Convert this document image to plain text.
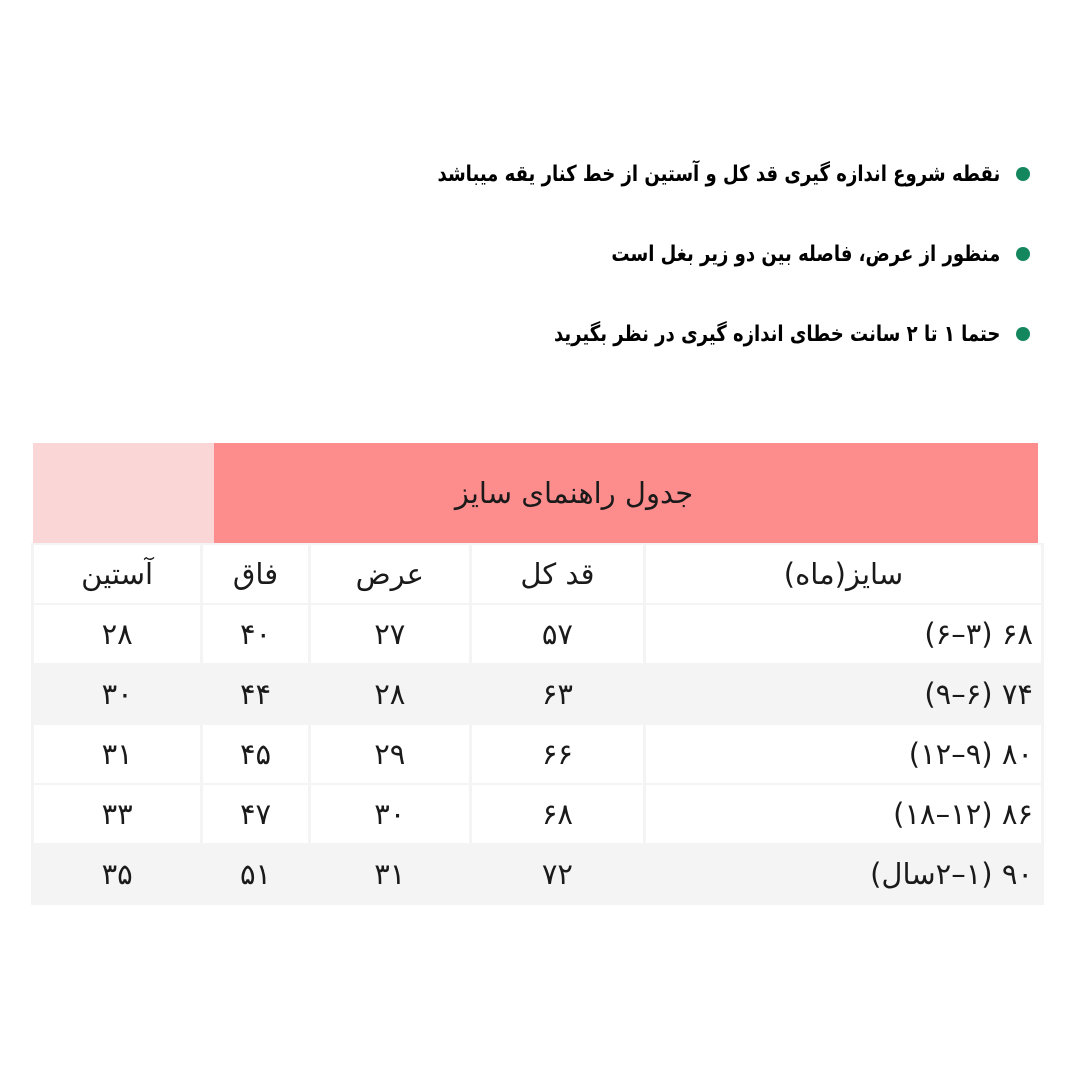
نقطه شروع اندازه گیری قد کل و آستین از خط کنار یقه میباشد
منظور از عرض، فاصله بین دو زیر بغل است
حتما ۱ تا ۲ سانت خطای اندازه گیری در نظر بگیرید
جدول راهنمای سایز
سایز(ماه)	قد کل	عرض	فاق	آستین
۶۸ (۳–۶)	۵۷	۲۷	۴۰	۲۸
۷۴ (۶–۹)	۶۳	۲۸	۴۴	۳۰
۸۰ (۹–۱۲)	۶۶	۲۹	۴۵	۳۱
۸۶ (۱۲–۱۸)	۶۸	۳۰	۴۷	۳۳
۹۰ (۱–۲سال)	۷۲	۳۱	۵۱	۳۵
